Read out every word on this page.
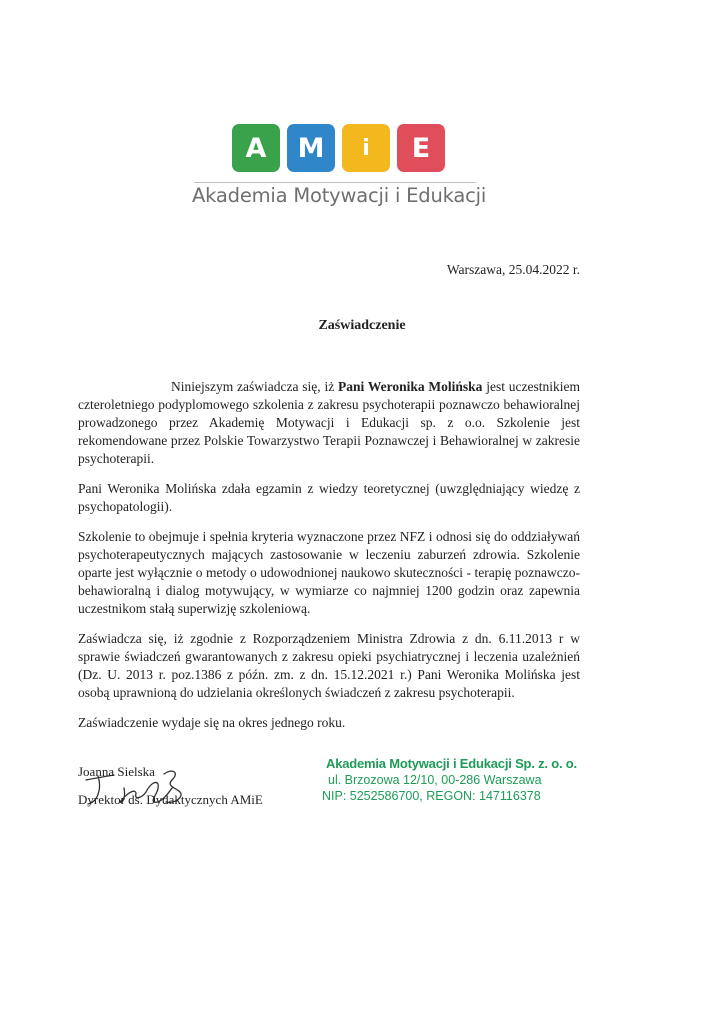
A	M	i	E
Akademia Motywacji i Edukacji
Warszawa, 25.04.2022 r.
Zaświadczenie

Niniejszym zaświadcza się, iż Pani Weronika Molińska jest uczestnikiem czteroletniego podyplomowego szkolenia z zakresu psychoterapii poznawczo behawioralnej prowadzonego przez Akademię Motywacji i Edukacji sp. z o.o. Szkolenie jest rekomendowane przez Polskie Towarzystwo Terapii Poznawczej i Behawioralnej w zakresie psychoterapii.

Pani Weronika Molińska zdała egzamin z wiedzy teoretycznej (uwzględniający wiedzę z psychopatologii).

Szkolenie to obejmuje i spełnia kryteria wyznaczone przez NFZ i odnosi się do oddziaływań psychoterapeutycznych mających zastosowanie w leczeniu zaburzeń zdrowia. Szkolenie oparte jest wyłącznie o metody o udowodnionej naukowo skuteczności - terapię poznawczo-behawioralną i dialog motywujący, w wymiarze co najmniej 1200 godzin oraz zapewnia uczestnikom stałą superwizję szkoleniową.

Zaświadcza się, iż zgodnie z Rozporządzeniem Ministra Zdrowia z dn. 6.11.2013 r w sprawie świadczeń gwarantowanych z zakresu opieki psychiatrycznej i leczenia uzależnień (Dz. U. 2013 r. poz.1386 z późn. zm. z dn. 15.12.2021 r.) Pani Weronika Molińska jest osobą uprawnioną do udzielania określonych świadczeń z zakresu psychoterapii.

Zaświadczenie wydaje się na okres jednego roku.

Joanna Sielska
Dyrektor ds. Dydaktycznych AMiE
Akademia Motywacji i Edukacji Sp. z. o. o.
ul. Brzozowa 12/10, 00-286 Warszawa
NIP: 5252586700, REGON: 147116378
